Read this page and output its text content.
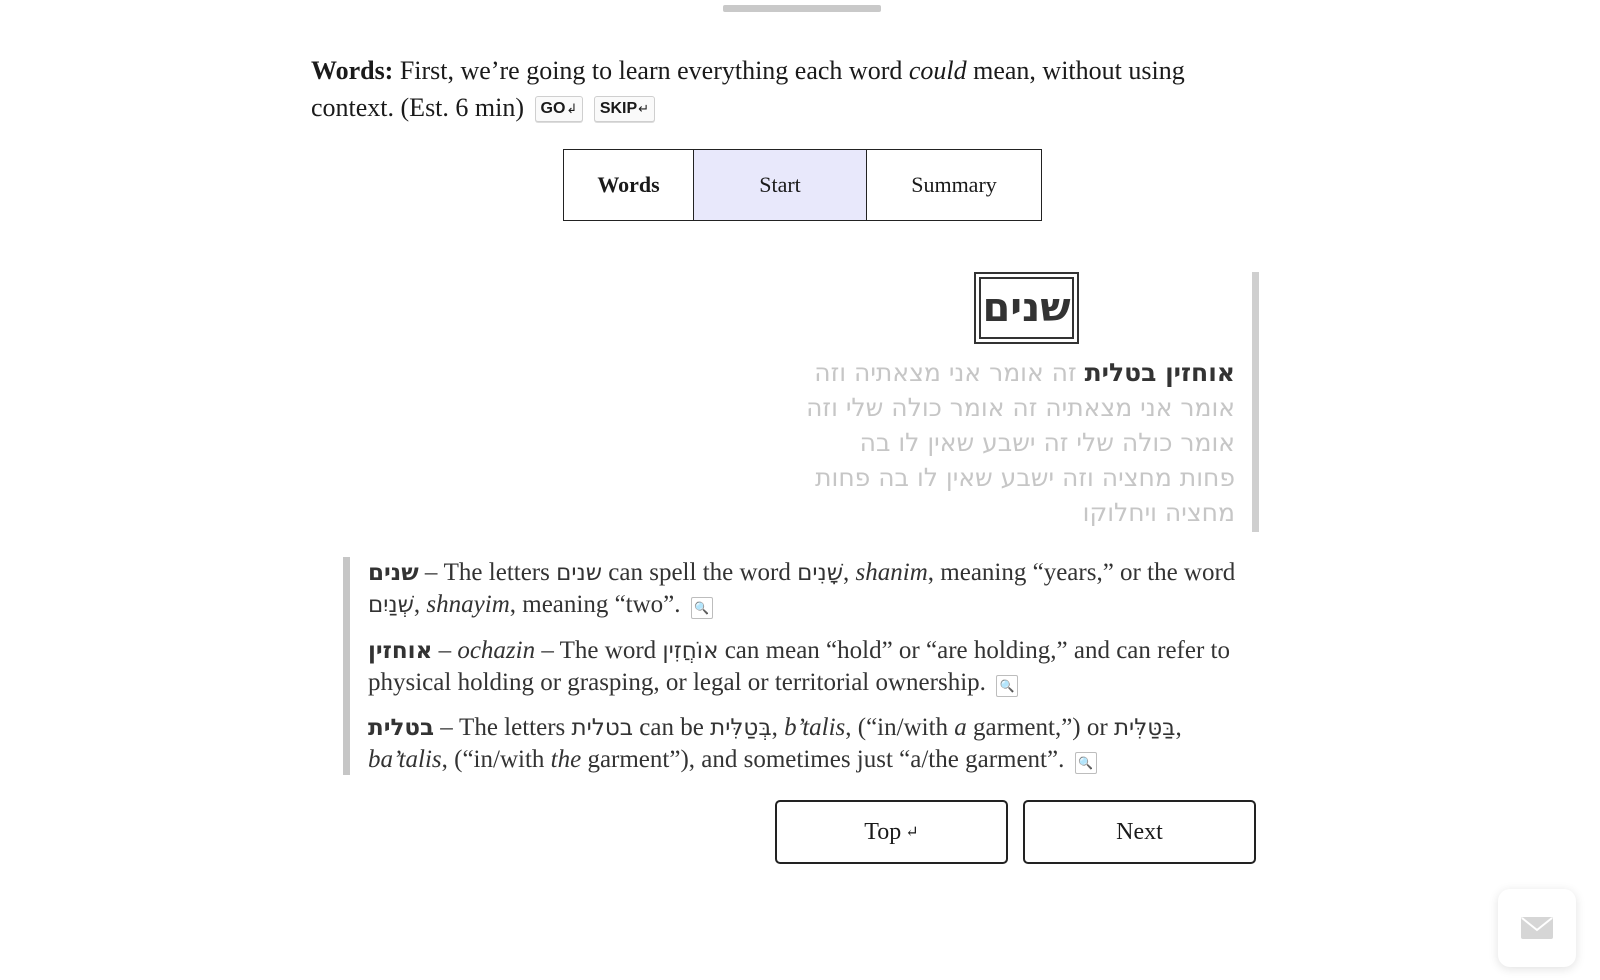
Words: First, we’re going to learn everything each word could mean, without using context. (Est. 6 min) GO↲ SKIP↵
Words	Start	Summary
שנים
אוחזין בטלית זה אומר אני מצאתיה וזה אומר אני מצאתיה זה אומר כולה שלי וזה אומר כולה שלי זה ישבע שאין לו בה פחות מחציה וזה ישבע שאין לו בה פחות מחציה ויחלוקו
שנים – The letters שנים can spell the word שָׁנִים, shanim, meaning “years,” or the word שְׁנַיִם, shnayim, meaning “two”. 🔍
אוחזין – ochazin – The word אוֹחֲזִין can mean “hold” or “are holding,” and can refer to physical holding or grasping, or legal or territorial ownership. 🔍
בטלית – The letters בטלית can be בְּטַלִּית, b’talis, (“in/with a garment,”) or בַּטַּלִּית, ba’talis, (“in/with the garment”), and sometimes just “a/the garment”. 🔍
Top ↵	Next
